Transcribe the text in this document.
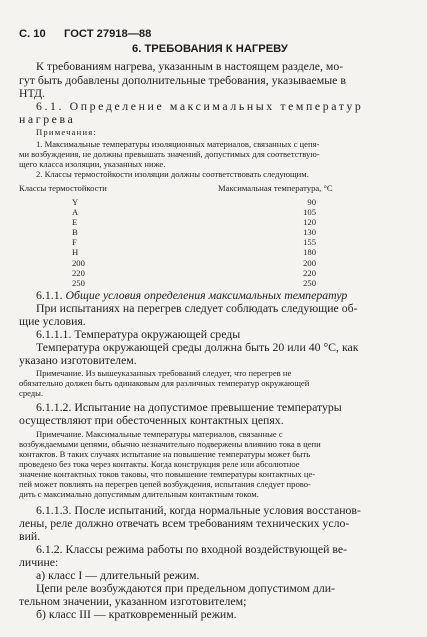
С. 10 ГОСТ 27918—88
6. ТРЕБОВАНИЯ К НАГРЕВУ
К требованиям нагрева, указанным в настоящем разделе, мо-
гут быть добавлены дополнительные требования, указываемые в
НТД.
6.1. Определение максимальных температур
нагрева
Примечания:
1. Максимальные температуры изоляционных материалов, связанных с цепя-
ми возбуждения, не должны превышать значений, допустимых для соответствую-
щего класса изоляции, указанных ниже.
2. Классы термостойкости изоляции должны соответствовать следующим.
Классы термостойкости	Максимальная температура, °С
Y
A
E
B
F
H
200
220
250
90
105
120
130
155
180
200
220
250
6.1.1. Общие условия определения максимальных температур
При испытаниях на перегрев следует соблюдать следующие об-
щие условия.
6.1.1.1. Температура окружающей среды
Температура окружающей среды должна быть 20 или 40 °С, как
указано изготовителем.
Примечание. Из вышеуказанных требований следует, что перегрев не
обязательно должен быть одинаковым для различных температур окружающей
среды.
6.1.1.2. Испытание на допустимое превышение температуры
осуществляют при обесточенных контактных цепях.
Примечание. Максимальные температуры материалов, связанные с
возбуждаемыми цепями, обычно незначительно подвержены влиянию тока в цепи
контактов. В таких случаях испытание на повышение температуры может быть
проведено без тока через контакты. Когда конструкция реле или абсолютное
значение контактных токов таковы, что повышение температуры контактных це-
пей может повлиять на перегрев цепей возбуждения, испытания следует прово-
дить с максимально допустимым длительным контактным током.
6.1.1.3. После испытаний, когда нормальные условия восстанов-
лены, реле должно отвечать всем требованиям технических усло-
вий.
6.1.2. Классы режима работы по входной воздействующей ве-
личине:
а) класс I — длительный режим.
Цепи реле возбуждаются при предельном допустимом дли-
тельном значении, указанном изготовителем;
б) класс III — кратковременный режим.
